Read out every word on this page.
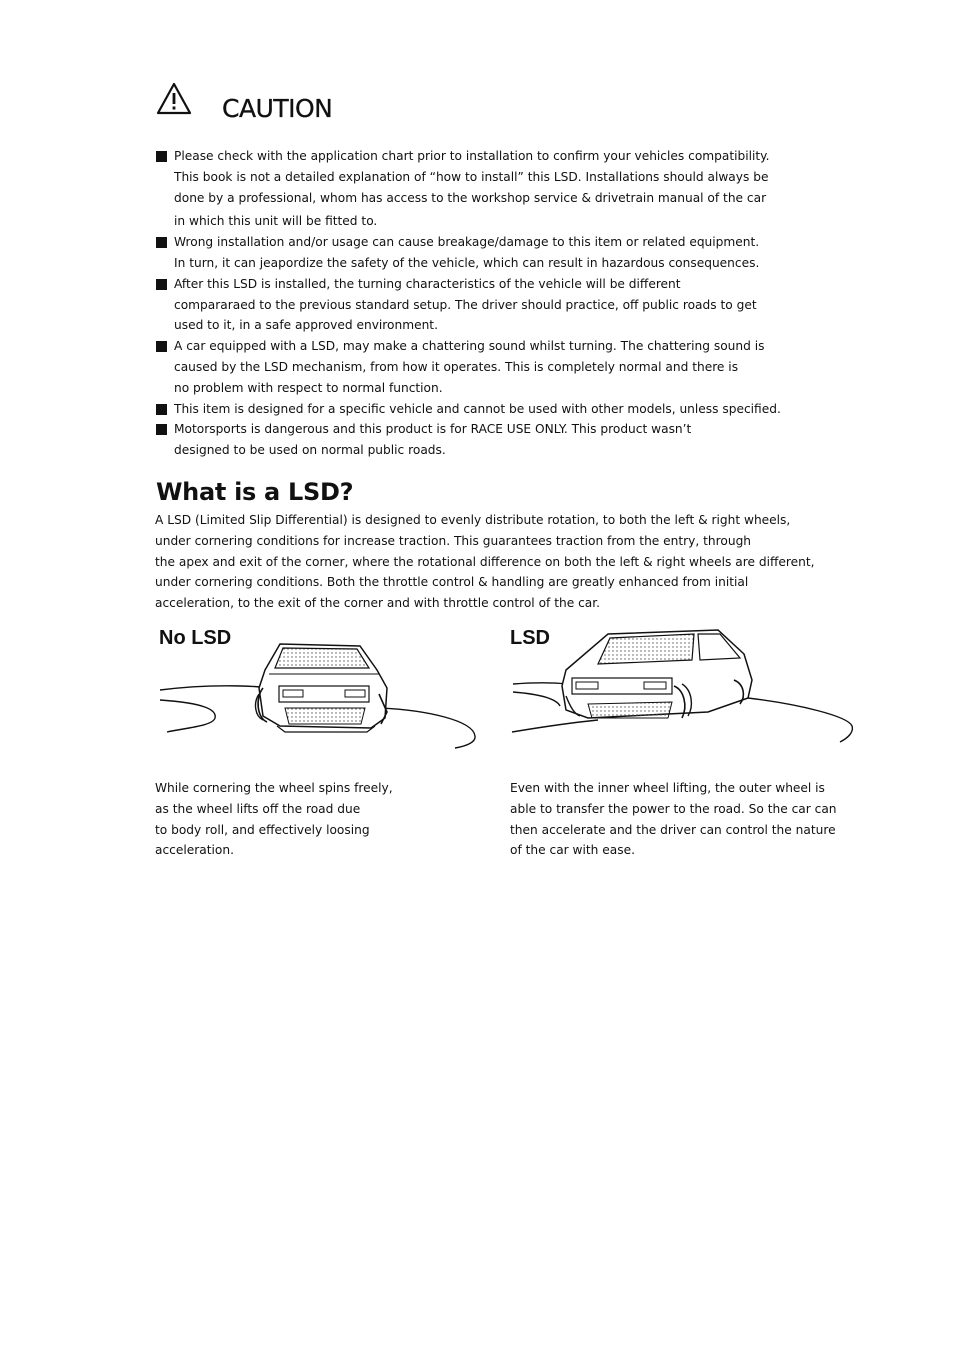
CAUTION
Please check with the application chart prior to installation to confirm your vehicles compatibility.
This book is not a detailed explanation of “how to install” this LSD. Installations should always be
done by a professional, whom has access to the workshop service & drivetrain manual of the car
in which this unit will be fitted to.
Wrong installation and/or usage can cause breakage/damage to this item or related equipment.
In turn, it can jeapordize the safety of the vehicle, which can result in hazardous consequences.
After this LSD is installed, the turning characteristics of the vehicle will be different
compararaed to the previous standard setup. The driver should practice, off public roads to get
used to it, in a safe approved environment.
A car equipped with a LSD, may make a chattering sound whilst turning. The chattering sound is
caused by the LSD mechanism, from how it operates. This is completely normal and there is
no problem with respect to normal function.
This item is designed for a specific vehicle and cannot be used with other models, unless specified.
Motorsports is dangerous and this product is for RACE USE ONLY. This product wasn’t
designed to be used on normal public roads.
What is a LSD?
A LSD (Limited Slip Differential) is designed to evenly distribute rotation, to both the left & right wheels,
under cornering conditions for increase traction. This guarantees traction from the entry, through
the apex and exit of the corner, where the rotational difference on both the left & right wheels are different,
under cornering conditions. Both the throttle control & handling are greatly enhanced from initial
acceleration, to the exit of the corner and with throttle control of the car.
No LSD
While cornering the wheel spins freely,
as the wheel lifts off the road due
to body roll, and effectively loosing
acceleration.
LSD
Even with the inner wheel lifting, the outer wheel is
able to transfer the power to the road. So the car can
then accelerate and the driver can control the nature
of the car with ease.
